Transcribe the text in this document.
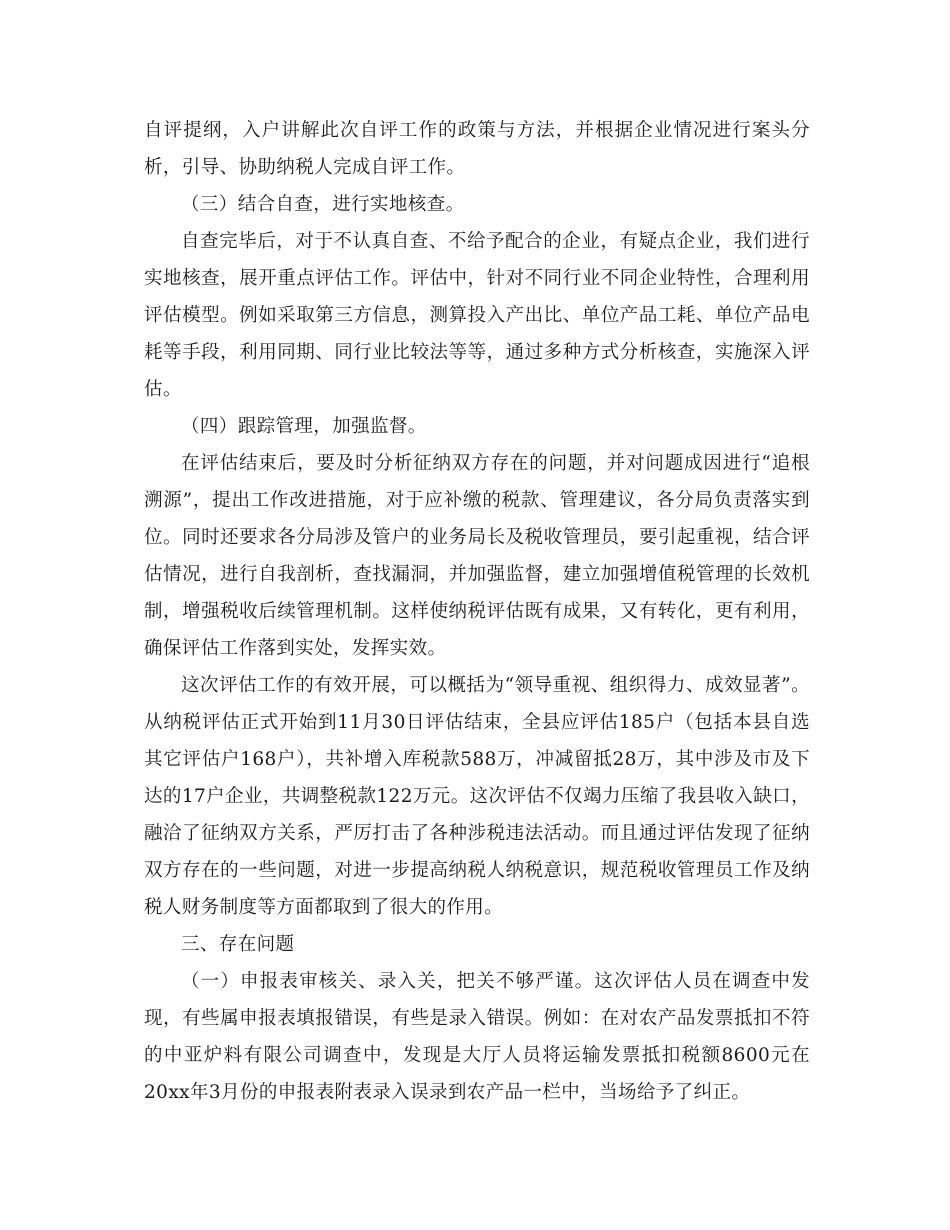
自评提纲，入户讲解此次自评工作的政策与方法，并根据企业情况进行案头分析，引导、协助纳税人完成自评工作。

（三）结合自查，进行实地核查。

自查完毕后，对于不认真自查、不给予配合的企业，有疑点企业，我们进行实地核查，展开重点评估工作。评估中，针对不同行业不同企业特性，合理利用评估模型。例如采取第三方信息，测算投入产出比、单位产品工耗、单位产品电耗等手段，利用同期、同行业比较法等等，通过多种方式分析核查，实施深入评估。

（四）跟踪管理，加强监督。

在评估结束后，要及时分析征纳双方存在的问题，并对问题成因进行“追根溯源”，提出工作改进措施，对于应补缴的税款、管理建议，各分局负责落实到位。同时还要求各分局涉及管户的业务局长及税收管理员，要引起重视，结合评估情况，进行自我剖析，查找漏洞，并加强监督，建立加强增值税管理的长效机制，增强税收后续管理机制。这样使纳税评估既有成果，又有转化，更有利用，确保评估工作落到实处，发挥实效。

这次评估工作的有效开展，可以概括为“领导重视、组织得力、成效显著”。从纳税评估正式开始到11月30日评估结束，全县应评估185户（包括本县自选其它评估户168户），共补增入库税款588万，冲减留抵28万，其中涉及市及下达的17户企业，共调整税款122万元。这次评估不仅竭力压缩了我县收入缺口，融洽了征纳双方关系，严厉打击了各种涉税违法活动。而且通过评估发现了征纳双方存在的一些问题，对进一步提高纳税人纳税意识，规范税收管理员工作及纳税人财务制度等方面都取到了很大的作用。

三、存在问题

（一）申报表审核关、录入关，把关不够严谨。这次评估人员在调查中发现，有些属申报表填报错误，有些是录入错误。例如：在对农产品发票抵扣不符的中亚炉料有限公司调查中，发现是大厅人员将运输发票抵扣税额8600元在20xx年3月份的申报表附表录入误录到农产品一栏中，当场给予了纠正。
